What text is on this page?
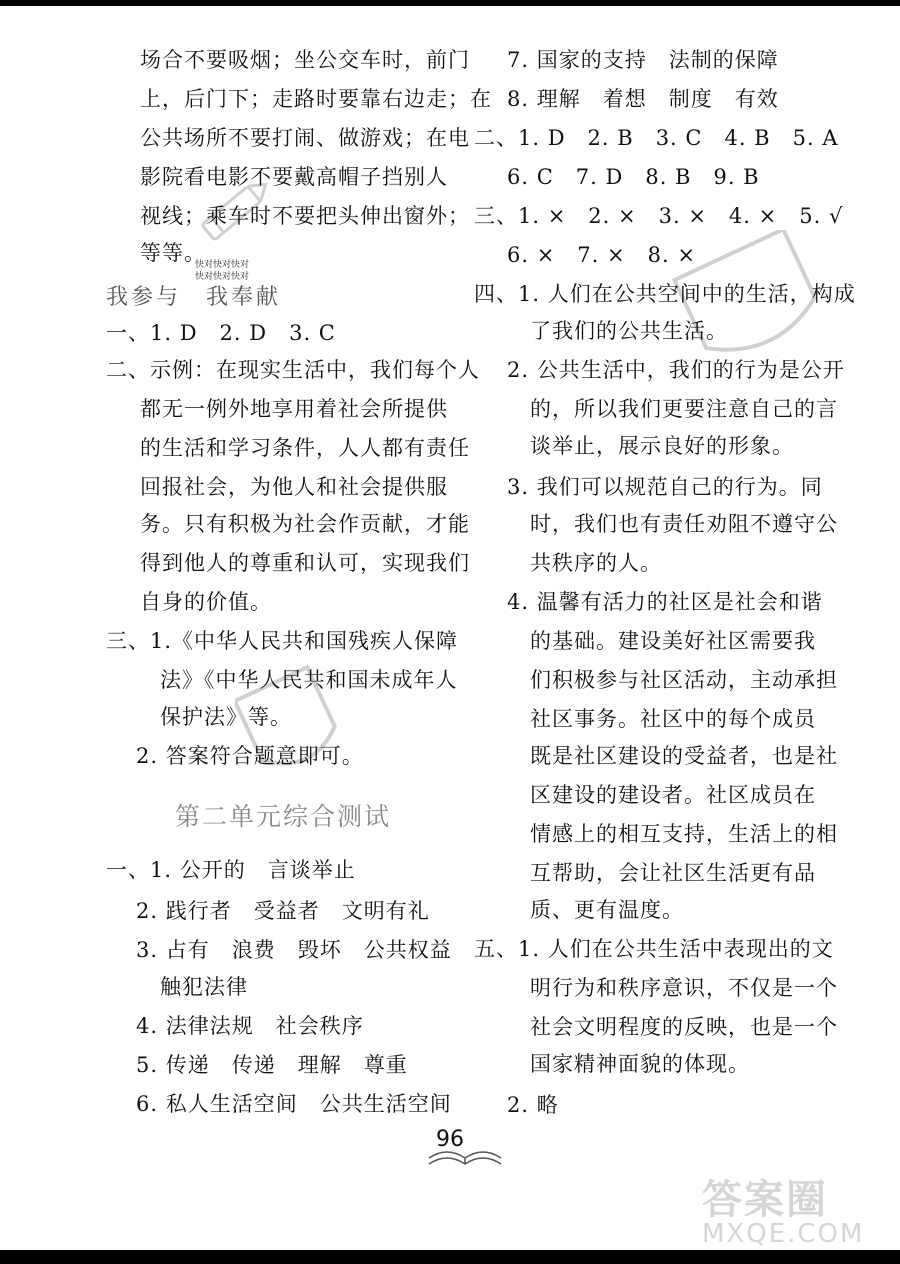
场合不要吸烟；坐公交车时，前门
上，后门下；走路时要靠右边走；在
公共场所不要打闹、做游戏；在电
影院看电影不要戴高帽子挡别人
视线；乘车时不要把头伸出窗外；
等等。
快对快对快对
快对快对快对
我参与　我奉献
一、1. D　2. D　3. C
二、示例：在现实生活中，我们每个人
都无一例外地享用着社会所提供
的生活和学习条件，人人都有责任
回报社会，为他人和社会提供服
务。只有积极为社会作贡献，才能
得到他人的尊重和认可，实现我们
自身的价值。
三、1.《中华人民共和国残疾人保障
法》《中华人民共和国未成年人
保护法》等。
2. 答案符合题意即可。
第二单元综合测试
一、1. 公开的　言谈举止
2. 践行者　受益者　文明有礼
3. 占有　浪费　毁坏　公共权益
触犯法律
4. 法律法规　社会秩序
5. 传递　传递　理解　尊重
6. 私人生活空间　公共生活空间
7. 国家的支持　法制的保障
8. 理解　着想　制度　有效
二、1. D　2. B　3. C　4. B　5. A
6. C　7. D　8. B　9. B
三、1. ×　2. ×　3. ×　4. ×　5. √
6. ×　7. ×　8. ×
四、1. 人们在公共空间中的生活，构成
了我们的公共生活。
2. 公共生活中，我们的行为是公开
的，所以我们更要注意自己的言
谈举止，展示良好的形象。
3. 我们可以规范自己的行为。同
时，我们也有责任劝阻不遵守公
共秩序的人。
4. 温馨有活力的社区是社会和谐
的基础。建设美好社区需要我
们积极参与社区活动，主动承担
社区事务。社区中的每个成员
既是社区建设的受益者，也是社
区建设的建设者。社区成员在
情感上的相互支持，生活上的相
互帮助，会让社区生活更有品
质、更有温度。
五、1. 人们在公共生活中表现出的文
明行为和秩序意识，不仅是一个
社会文明程度的反映，也是一个
国家精神面貌的体现。
2. 略
96
答案圈
MXQE.COM
